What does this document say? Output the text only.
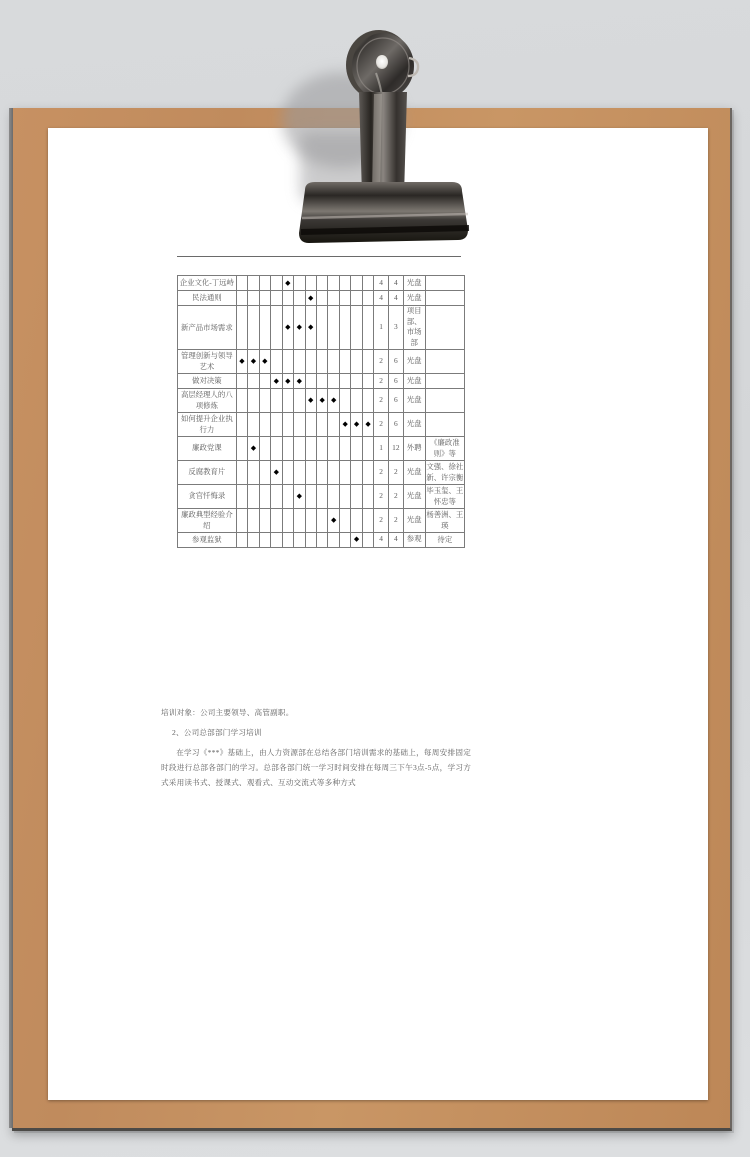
企业文化-丁远峙					◆								4	4	光盘	
民法通则							◆						4	4	光盘	
新产品市场需求					◆	◆	◆						1	3	项目部、市场部	
管理创新与领导艺术	◆	◆	◆										2	6	光盘	
做对决策				◆	◆	◆							2	6	光盘	
高层经理人的八项修炼							◆	◆	◆				2	6	光盘	
如何提升企业执行力										◆	◆	◆	2	6	光盘	
廉政党课		◆											1	12	外聘	《廉政准则》等
反腐教育片				◆									2	2	光盘	文强、徐社新、许宗衡
贪官忏悔录						◆							2	2	光盘	毕玉玺、王怀忠等
廉政典型经验介绍									◆				2	2	光盘	杨善洲、王瑛
参观监狱											◆		4	4	参观	待定
培训对象：公司主要领导、高管副职。
2、公司总部部门学习培训
在学习《***》基础上，由人力资源部在总结各部门培训需求的基础上，每周安排固定时段进行总部各部门的学习。总部各部门统一学习时间安排在每周三下午3点-5点，学习方式采用读书式、授课式、观看式、互动交流式等多种方式
